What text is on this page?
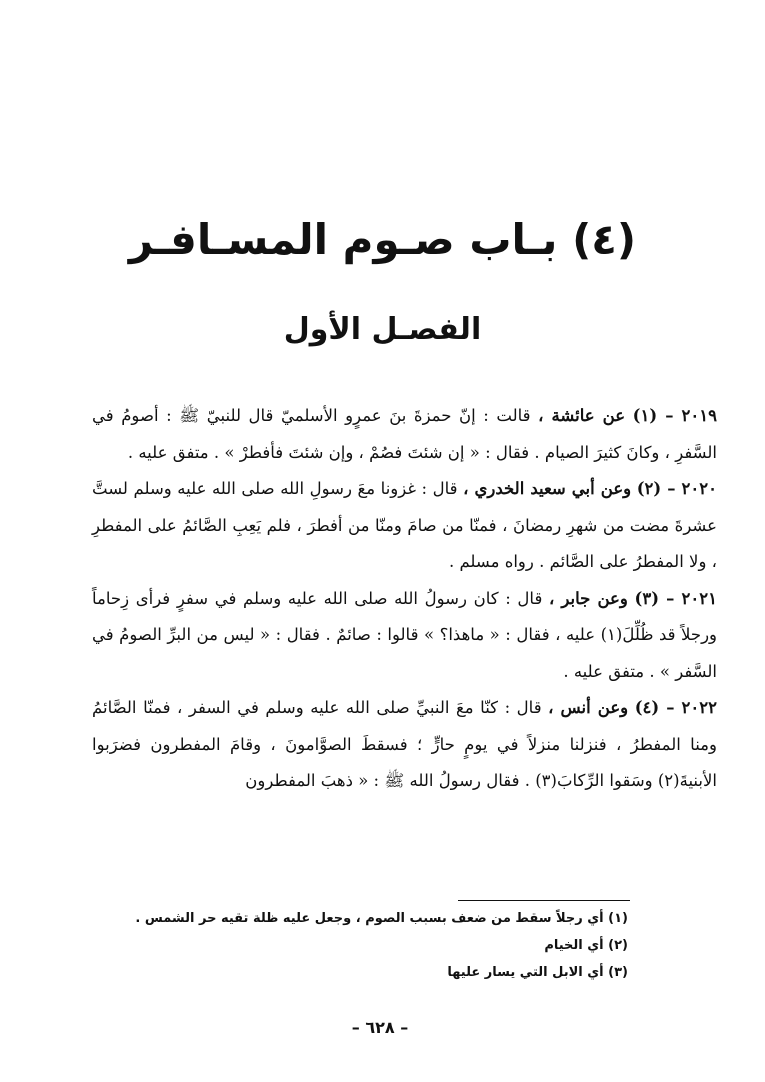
(٤) بـاب صـوم المسـافـر
الفصـل الأول

٢٠١٩ – (١) عن عائشة ، قالت : إنّ حمزةَ بنَ عمرٍو الأسلميّ قال للنبيّ ﷺ : أصومُ في السَّفرِ ، وكانَ كثيرَ الصيام . فقال : « إن شئتَ فصُمْ ، وإن شئتَ فأفطرْ » . متفق عليه .

٢٠٢٠ – (٢) وعن أبي سعيد الخدري ، قال : غزونا معَ رسولِ الله صلى الله عليه وسلم لستَّ عشرةَ مضت من شهرِ رمضانَ ، فمنّا من صامَ ومنّا من أفطرَ ، فلم يَعِبِ الصَّائمُ على المفطرِ ، ولا المفطرُ على الصَّائم . رواه مسلم .

٢٠٢١ – (٣) وعن جابر ، قال : كان رسولُ الله صلى الله عليه وسلم في سفرٍ فرأى زِحاماً ورجلاً قد ظُلِّلَ(١) عليه ، فقال : « ماهذا؟ » قالوا : صائمٌ . فقال : « ليس من البرِّ الصومُ في السَّفر » . متفق عليه .

٢٠٢٢ – (٤) وعن أنس ، قال : كنّا معَ النبيِّ صلى الله عليه وسلم في السفر ، فمنّا الصَّائمُ ومنا المفطرُ ، فنزلنا منزلاً في يومٍ حارٍّ ؛ فسقطَ الصوَّامونَ ، وقامَ المفطرون فضرَبوا الأبنيةَ(٢) وسَقوا الرِّكابَ(٣) . فقال رسولُ الله ﷺ : « ذهبَ المفطرون

(١) أي رجلاً سقط من ضعف بسبب الصوم ، وجعل عليه ظلة تقيه حر الشمس .
(٢) أي الخيام
(٣) أي الابل التي يسار عليها
– ٦٢٨ –
